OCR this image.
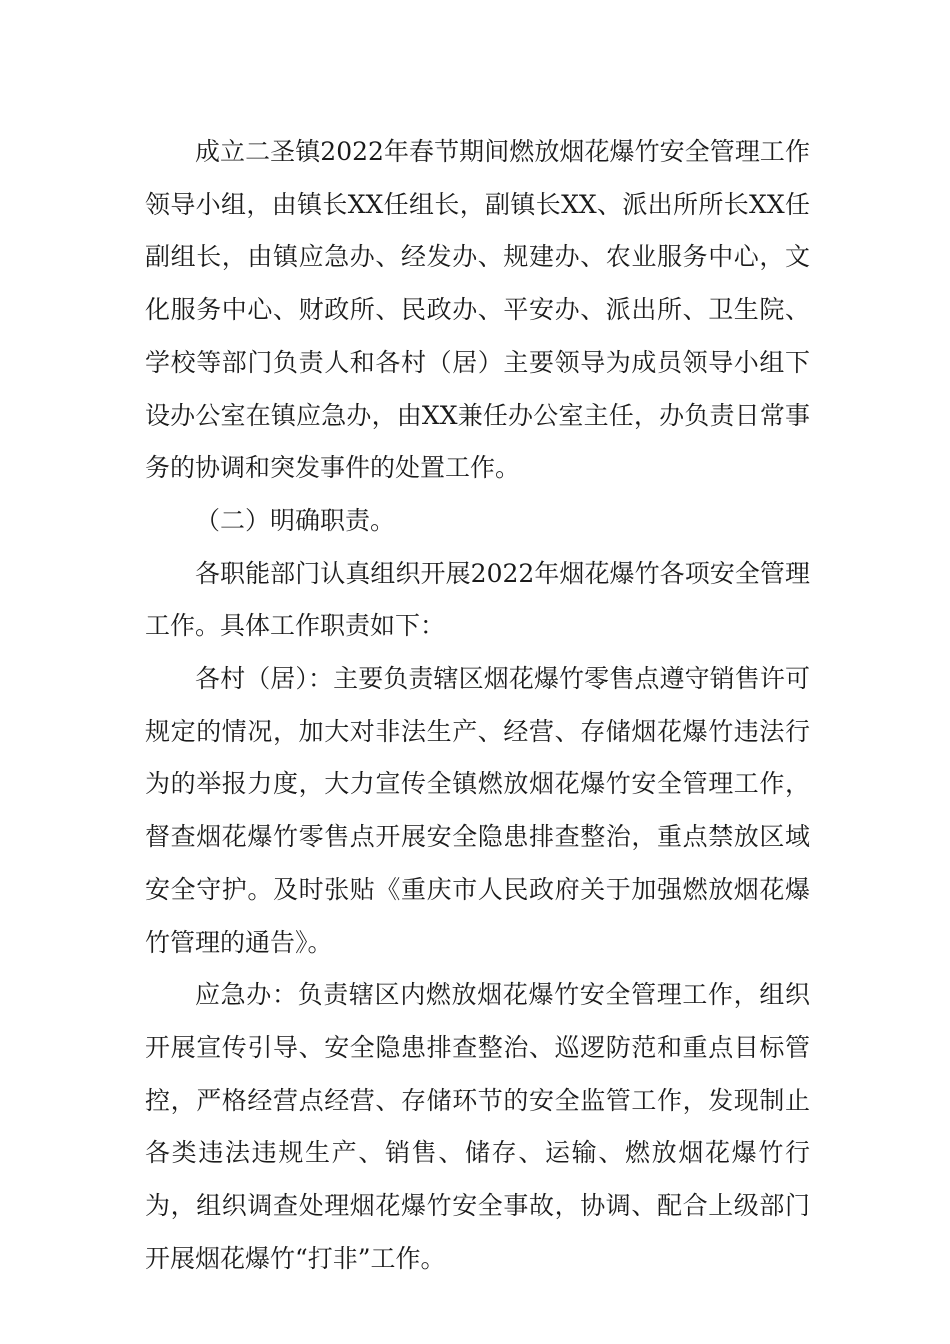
成立二圣镇2022年春节期间燃放烟花爆竹安全管理工作领导小组，由镇长XX任组长，副镇长XX、派出所所长XX任副组长，由镇应急办、经发办、规建办、农业服务中心，文化服务中心、财政所、民政办、平安办、派出所、卫生院、学校等部门负责人和各村（居）主要领导为成员领导小组下设办公室在镇应急办，由XX兼任办公室主任，办负责日常事务的协调和突发事件的处置工作。

（二）明确职责。

各职能部门认真组织开展2022年烟花爆竹各项安全管理工作。具体工作职责如下：

各村（居）：主要负责辖区烟花爆竹零售点遵守销售许可规定的情况，加大对非法生产、经营、存储烟花爆竹违法行为的举报力度，大力宣传全镇燃放烟花爆竹安全管理工作，督查烟花爆竹零售点开展安全隐患排查整治，重点禁放区域安全守护。及时张贴《重庆市人民政府关于加强燃放烟花爆竹管理的通告》。

应急办：负责辖区内燃放烟花爆竹安全管理工作，组织开展宣传引导、安全隐患排查整治、巡逻防范和重点目标管控，严格经营点经营、存储环节的安全监管工作，发现制止各类违法违规生产、销售、储存、运输、燃放烟花爆竹行为，组织调查处理烟花爆竹安全事故，协调、配合上级部门开展烟花爆竹“打非”工作。
